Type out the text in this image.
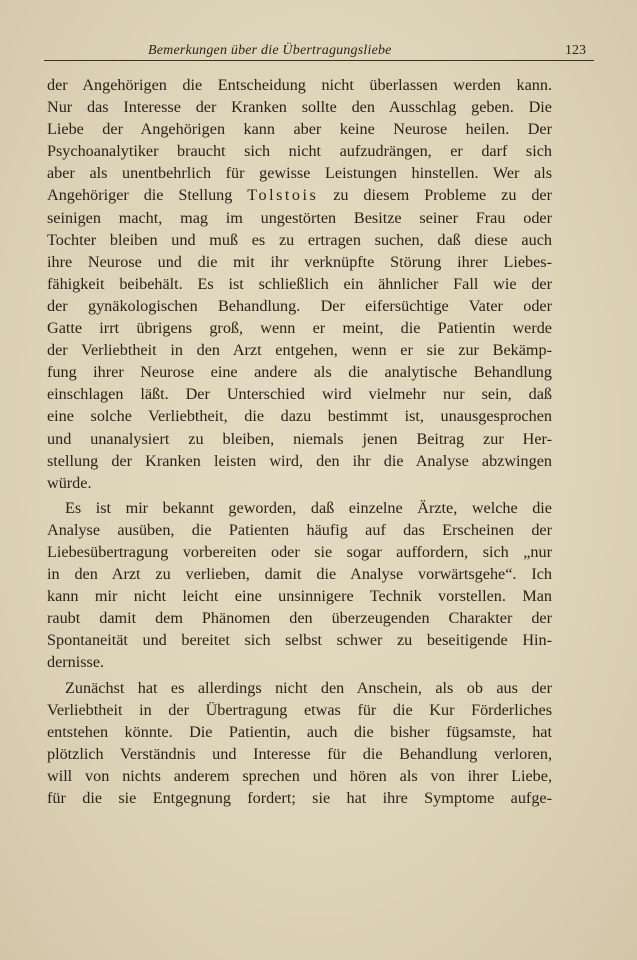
Bemerkungen über die Übertragungsliebe	123
der Angehörigen die Entscheidung nicht überlassen werden kann.
Nur das Interesse der Kranken sollte den Ausschlag geben. Die
Liebe der Angehörigen kann aber keine Neurose heilen. Der
Psychoanalytiker braucht sich nicht aufzudrängen, er darf sich
aber als unentbehrlich für gewisse Leistungen hinstellen. Wer als
Angehöriger die Stellung Tolstois zu diesem Probleme zu der
seinigen macht, mag im ungestörten Besitze seiner Frau oder
Tochter bleiben und muß es zu ertragen suchen, daß diese auch
ihre Neurose und die mit ihr verknüpfte Störung ihrer Liebes-
fähigkeit beibehält. Es ist schließlich ein ähnlicher Fall wie der
der gynäkologischen Behandlung. Der eifersüchtige Vater oder
Gatte irrt übrigens groß, wenn er meint, die Patientin werde
der Verliebtheit in den Arzt entgehen, wenn er sie zur Bekämp-
fung ihrer Neurose eine andere als die analytische Behandlung
einschlagen läßt. Der Unterschied wird vielmehr nur sein, daß
eine solche Verliebtheit, die dazu bestimmt ist, unausgesprochen
und unanalysiert zu bleiben, niemals jenen Beitrag zur Her-
stellung der Kranken leisten wird, den ihr die Analyse abzwingen
würde.
Es ist mir bekannt geworden, daß einzelne Ärzte, welche die
Analyse ausüben, die Patienten häufig auf das Erscheinen der
Liebesübertragung vorbereiten oder sie sogar auffordern, sich „nur
in den Arzt zu verlieben, damit die Analyse vorwärtsgehe“. Ich
kann mir nicht leicht eine unsinnigere Technik vorstellen. Man
raubt damit dem Phänomen den überzeugenden Charakter der
Spontaneität und bereitet sich selbst schwer zu beseitigende Hin-
dernisse.
Zunächst hat es allerdings nicht den Anschein, als ob aus der
Verliebtheit in der Übertragung etwas für die Kur Förderliches
entstehen könnte. Die Patientin, auch die bisher fügsamste, hat
plötzlich Verständnis und Interesse für die Behandlung verloren,
will von nichts anderem sprechen und hören als von ihrer Liebe,
für die sie Entgegnung fordert; sie hat ihre Symptome aufge-
